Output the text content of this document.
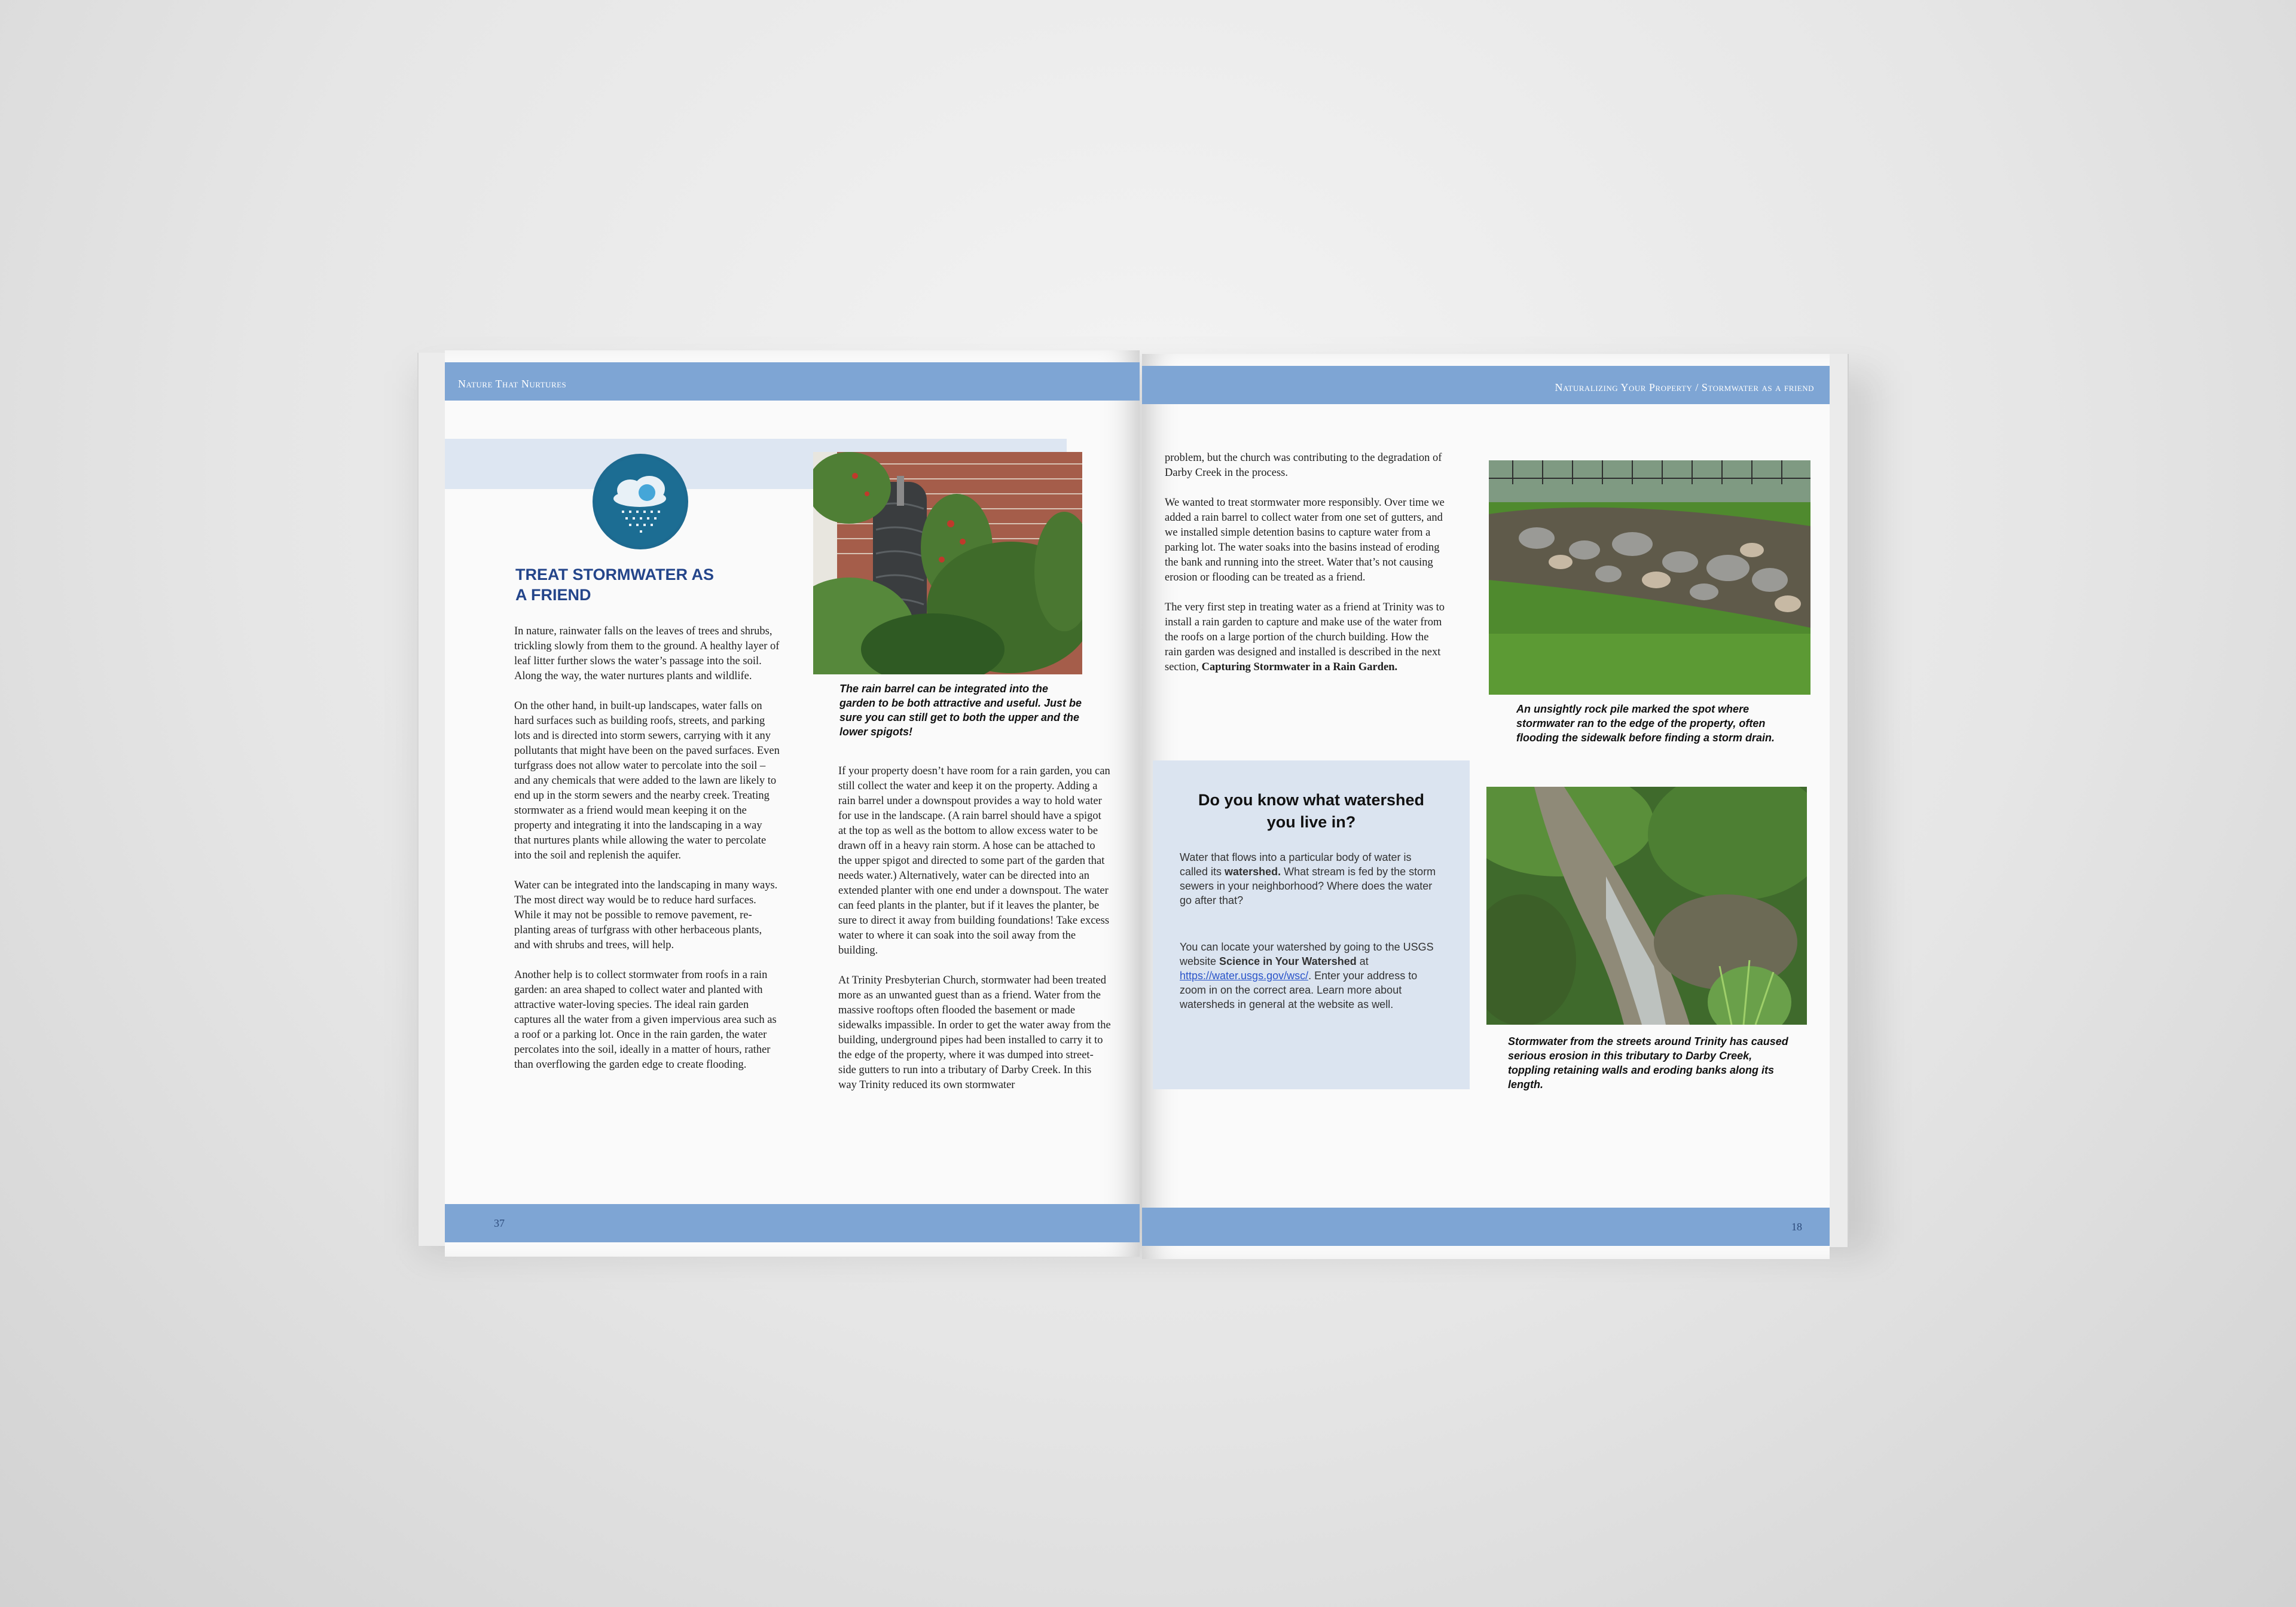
Nature That Nurtures
TREAT STORMWATER AS
A FRIEND

In nature, rainwater falls on the leaves of trees and shrubs, trickling slowly from them to the ground. A healthy layer of leaf litter further slows the water’s passage into the soil. Along the way, the water nurtures plants and wildlife.

On the other hand, in built-up landscapes, water falls on hard surfaces such as building roofs, streets, and parking lots and is directed into storm sewers, carrying with it any pollutants that might have been on the paved surfaces. Even turfgrass does not allow water to percolate into the soil – and any chemicals that were added to the lawn are likely to end up in the storm sewers and the nearby creek. Treating stormwater as a friend would mean keeping it on the property and integrating it into the landscaping in a way that nurtures plants while allowing the water to percolate into the soil and replenish the aquifer.

Water can be integrated into the landscaping in many ways. The most direct way would be to reduce hard surfaces. While it may not be possible to remove pavement, re-planting areas of turfgrass with other herbaceous plants, and with shrubs and trees, will help.

Another help is to collect stormwater from roofs in a rain garden: an area shaped to collect water and planted with attractive water-loving species. The ideal rain garden captures all the water from a given impervious area such as a roof or a parking lot. Once in the rain garden, the water percolates into the soil, ideally in a matter of hours, rather than overflowing the garden edge to create flooding.

The rain barrel can be integrated into the garden to be both attractive and useful. Just be sure you can still get to both the upper and the lower spigots!

If your property doesn’t have room for a rain garden, you can still collect the water and keep it on the property. Adding a rain barrel under a downspout provides a way to hold water for use in the landscape. (A rain barrel should have a spigot at the top as well as the bottom to allow excess water to be drawn off in a heavy rain storm. A hose can be attached to the upper spigot and directed to some part of the garden that needs water.) Alternatively, water can be directed into an extended planter with one end under a downspout. The water can feed plants in the planter, but if it leaves the planter, be sure to direct it away from building foundations! Take excess water to where it can soak into the soil away from the building.

At Trinity Presbyterian Church, stormwater had been treated more as an unwanted guest than as a friend. Water from the massive rooftops often flooded the basement or made sidewalks impassible. In order to get the water away from the building, underground pipes had been installed to carry it to the edge of the property, where it was dumped into street-side gutters to run into a tributary of Darby Creek. In this way Trinity reduced its own stormwater

37
Naturalizing Your Property / Stormwater as a friend

problem, but the church was contributing to the degradation of Darby Creek in the process.

We wanted to treat stormwater more responsibly. Over time we added a rain barrel to collect water from one set of gutters, and we installed simple detention basins to capture water from a parking lot. The water soaks into the basins instead of eroding the bank and running into the street. Water that’s not causing erosion or flooding can be treated as a friend.

The very first step in treating water as a friend at Trinity was to install a rain garden to capture and make use of the water from the roofs on a large portion of the church building. How the rain garden was designed and installed is described in the next section, Capturing Stormwater in a Rain Garden.

Do you know what watershed you live in?
Water that flows into a particular body of water is called its watershed. What stream is fed by the storm sewers in your neighborhood? Where does the water go after that?
You can locate your watershed by going to the USGS website Science in Your Watershed at https://water.usgs.gov/wsc/. Enter your address to zoom in on the correct area. Learn more about watersheds in general at the website as well.
An unsightly rock pile marked the spot where stormwater ran to the edge of the property, often flooding the sidewalk before finding a storm drain.
Stormwater from the streets around Trinity has caused serious erosion in this tributary to Darby Creek, toppling retaining walls and eroding banks along its length.
18
